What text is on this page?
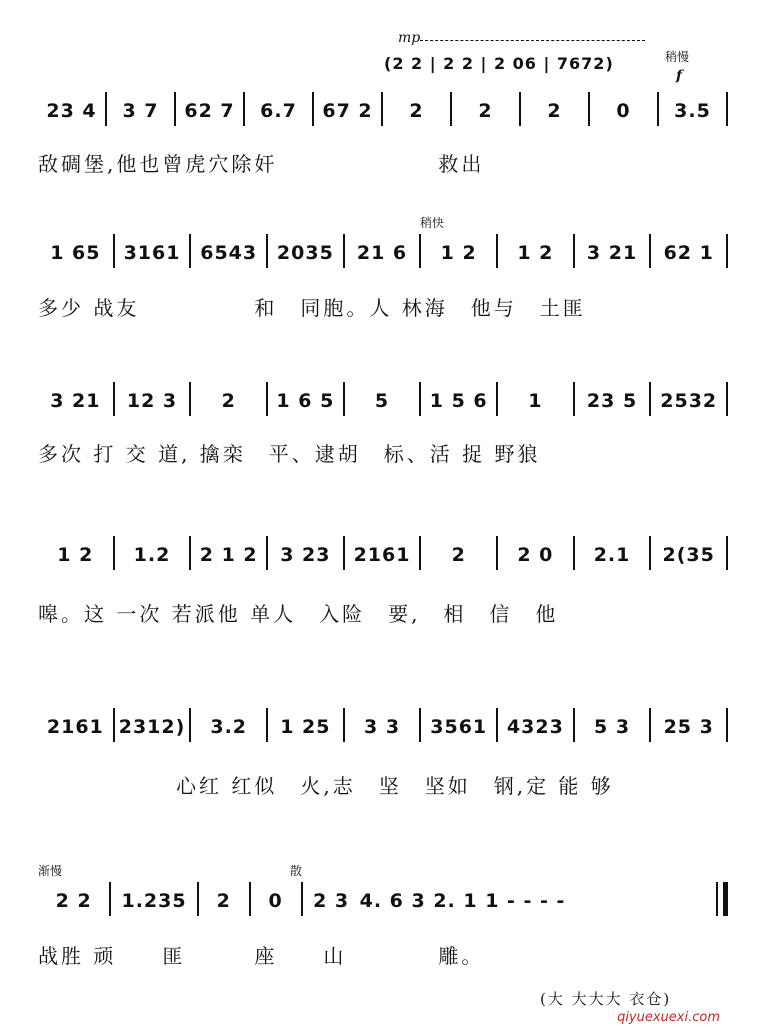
mp
(2 2 | 2 2 | 2 06 | 7672)	稍慢
f
23 4	3 7	62 7	6.7	67 2	2	2	2	0	3.5
敌碉堡,他也曾虎穴除奸　　　　　　　救出
稍快
1 65	3161	6543	2035	21 6	1 2	1 2	3 21	62 1
多少 战友　　　　　和　同胞。人 林海　他与　土匪
3 21	12 3	2	1 6 5	5	1 5 6	1	23 5	2532
多次 打 交 道, 擒栾　平、逮胡　标、活 捉 野狼
1 2	1.2	2 1 2	3 23	2161	2	2 0	2.1	2(35
嗥。这 一次 若派他 单人　入险　要,　相　信　他
2161 2312)	3.2	1 25	3 3	3561	4323	5 3	25 3
　　　　　　心红 红似　火,志　坚　坚如　钢,定 能 够
渐慢	散
2 2	1.235	2	0	2 3 4. 6 3 2. 1 1 - - - -
战胜 顽　　匪　　　座　　山　　　　雕。
(大 大大大 衣仓)
qiyuexuexi.com
